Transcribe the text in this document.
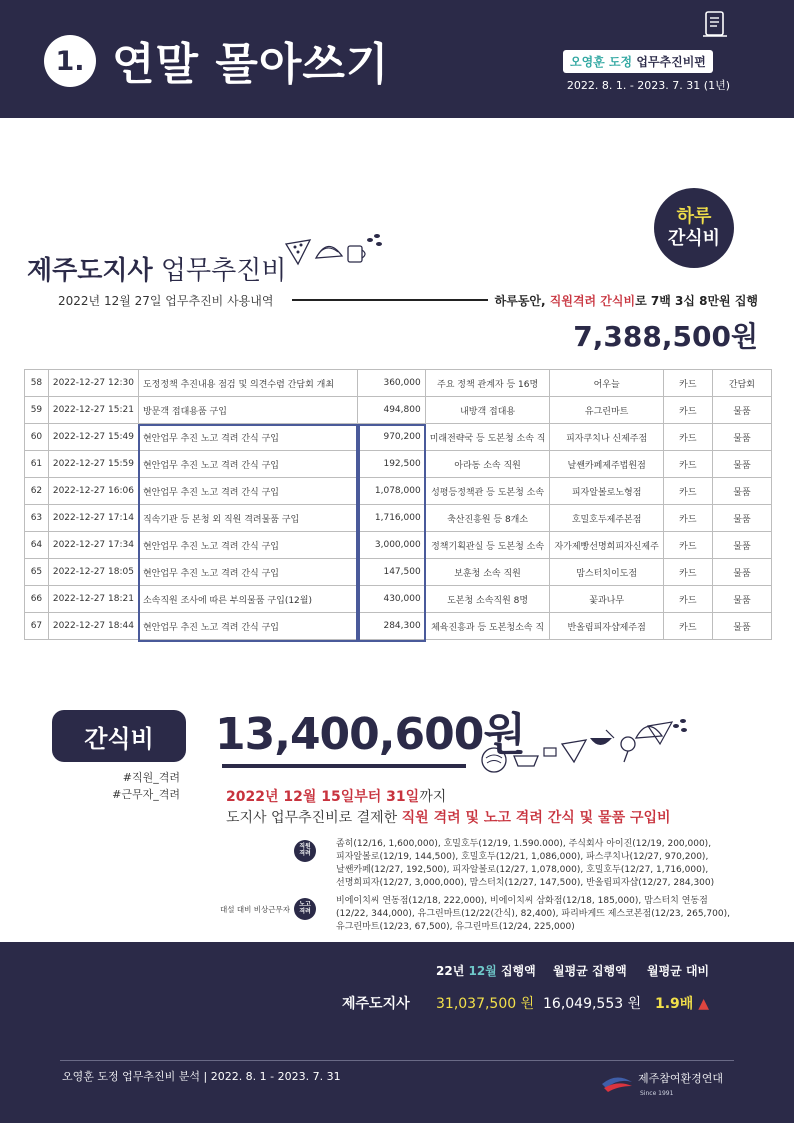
1. 연말 몰아쓰기	오영훈 도정 업무추진비편
2022. 8. 1. - 2023. 7. 31 (1년)
하루
간식비
제주도지사 업무추진비
2022년 12월 27일 업무추진비 사용내역	하루동안, 직원격려 간식비로 7백 3십 8만원 집행
7,388,500원
58	2022-12-27 12:30	도정정책 추진내용 점검 및 의견수렴 간담회 개최	360,000	주요 정책 관계자 등 16명	어우늘	카드	간담회
59	2022-12-27 15:21	방문객 접대용품 구입	494,800	내방객 접대용	유그린마트	카드	물품
60	2022-12-27 15:49	현안업무 추진 노고 격려 간식 구입	970,200	미래전략국 등 도본청 소속 직	피자쿠치나 신제주점	카드	물품
61	2022-12-27 15:59	현안업무 추진 노고 격려 간식 구입	192,500	아라동 소속 직원	날쌘카페제주법원점	카드	물품
62	2022-12-27 16:06	현안업무 추진 노고 격려 간식 구입	1,078,000	성평등정책관 등 도본청 소속	피자알볼로노형점	카드	물품
63	2022-12-27 17:14	직속기관 등 본청 외 직원 격려물품 구입	1,716,000	축산진흥원 등 8개소	호밀호두제주본점	카드	물품
64	2022-12-27 17:34	현안업무 추진 노고 격려 간식 구입	3,000,000	정책기획관실 등 도본청 소속	자가제빵선명희피자신제주	카드	물품
65	2022-12-27 18:05	현안업무 추진 노고 격려 간식 구입	147,500	보훈청 소속 직원	맘스터치이도점	카드	물품
66	2022-12-27 18:21	소속직원 조사에 따른 부의물품 구입(12월)	430,000	도본청 소속직원 8명	꽃과나무	카드	물품
67	2022-12-27 18:44	현안업무 추진 노고 격려 간식 구입	284,300	체육진흥과 등 도본청소속 직	반올림피자샵제주점	카드	물품
간식비	13,400,600원
#직원_격려
#근무자_격려	2022년 12월 15일부터 31일까지
도지사 업무추진비로 결제한 직원 격려 및 노고 격려 간식 및 물품 구입비
직원
격려
좀히(12/16, 1,600,000), 호밀호두(12/19, 1.590.000), 주식회사 아이진(12/19, 200,000),
피자알볼로(12/19, 144,500), 호밀호두(12/21, 1,086,000), 파스쿠치나(12/27, 970,200),
날쌘카페(12/27, 192,500), 피자알볼로(12/27, 1,078,000), 호밀호두(12/27, 1,716,000),
선명희피자(12/27, 3,000,000), 맘스터치(12/27, 147,500), 반올림피자샵(12/27, 284,300)
대설 대비 비상근무자
노고
격려
비에이치씨 연동점(12/18, 222,000), 비에이치씨 삼화점(12/18, 185,000), 맘스터치 연동점
(12/22, 344,000), 유그린마트(12/22(간식), 82,400), 파리바게뜨 제스코본점(12/23, 265,700),
유그린마트(12/23, 67,500), 유그린마트(12/24, 225,000)
22년 12월 집행액 월평균 집행액 월평균 대비
제주도지사 31,037,500 원 16,049,553 원 1.9배 ▲
오영훈 도정 업무추진비 분석 | 2022. 8. 1 - 2023. 7. 31	제주참여환경연대
Since 1991
